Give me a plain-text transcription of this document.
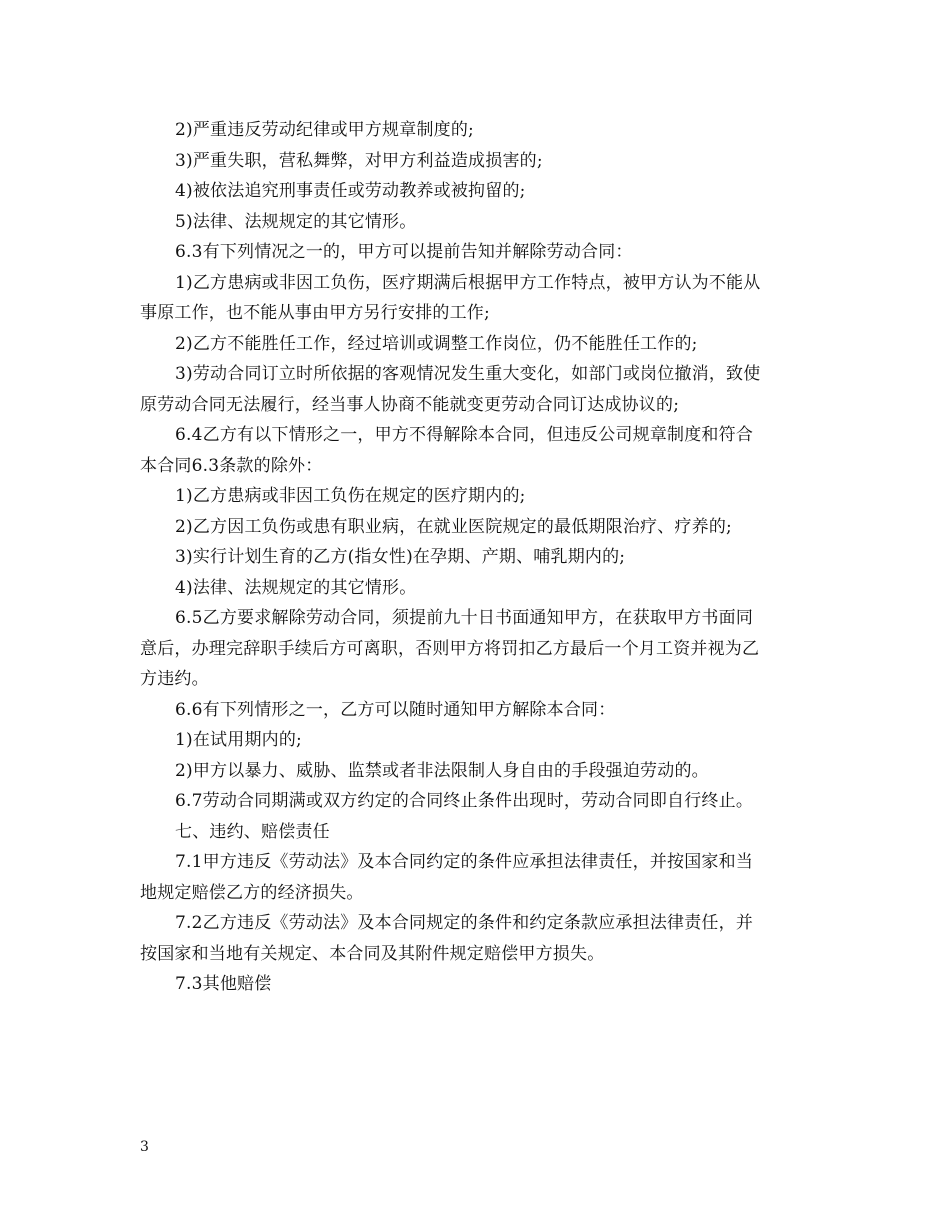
2)严重违反劳动纪律或甲方规章制度的;
3)严重失职，营私舞弊，对甲方利益造成损害的;
4)被依法追究刑事责任或劳动教养或被拘留的;
5)法律、法规规定的其它情形。
6.3有下列情况之一的，甲方可以提前告知并解除劳动合同：
1)乙方患病或非因工负伤，医疗期满后根据甲方工作特点，被甲方认为不能从
事原工作，也不能从事由甲方另行安排的工作;
2)乙方不能胜任工作，经过培训或调整工作岗位，仍不能胜任工作的;
3)劳动合同订立时所依据的客观情况发生重大变化，如部门或岗位撤消，致使
原劳动合同无法履行，经当事人协商不能就变更劳动合同订达成协议的;
6.4乙方有以下情形之一，甲方不得解除本合同，但违反公司规章制度和符合
本合同6.3条款的除外：
1)乙方患病或非因工负伤在规定的医疗期内的;
2)乙方因工负伤或患有职业病，在就业医院规定的最低期限治疗、疗养的;
3)实行计划生育的乙方(指女性)在孕期、产期、哺乳期内的;
4)法律、法规规定的其它情形。
6.5乙方要求解除劳动合同，须提前九十日书面通知甲方，在获取甲方书面同
意后，办理完辞职手续后方可离职，否则甲方将罚扣乙方最后一个月工资并视为乙
方违约。
6.6有下列情形之一，乙方可以随时通知甲方解除本合同：
1)在试用期内的;
2)甲方以暴力、威胁、监禁或者非法限制人身自由的手段强迫劳动的。
6.7劳动合同期满或双方约定的合同终止条件出现时，劳动合同即自行终止。
七、违约、赔偿责任
7.1甲方违反《劳动法》及本合同约定的条件应承担法律责任，并按国家和当
地规定赔偿乙方的经济损失。
7.2乙方违反《劳动法》及本合同规定的条件和约定条款应承担法律责任，并
按国家和当地有关规定、本合同及其附件规定赔偿甲方损失。
7.3其他赔偿
3
